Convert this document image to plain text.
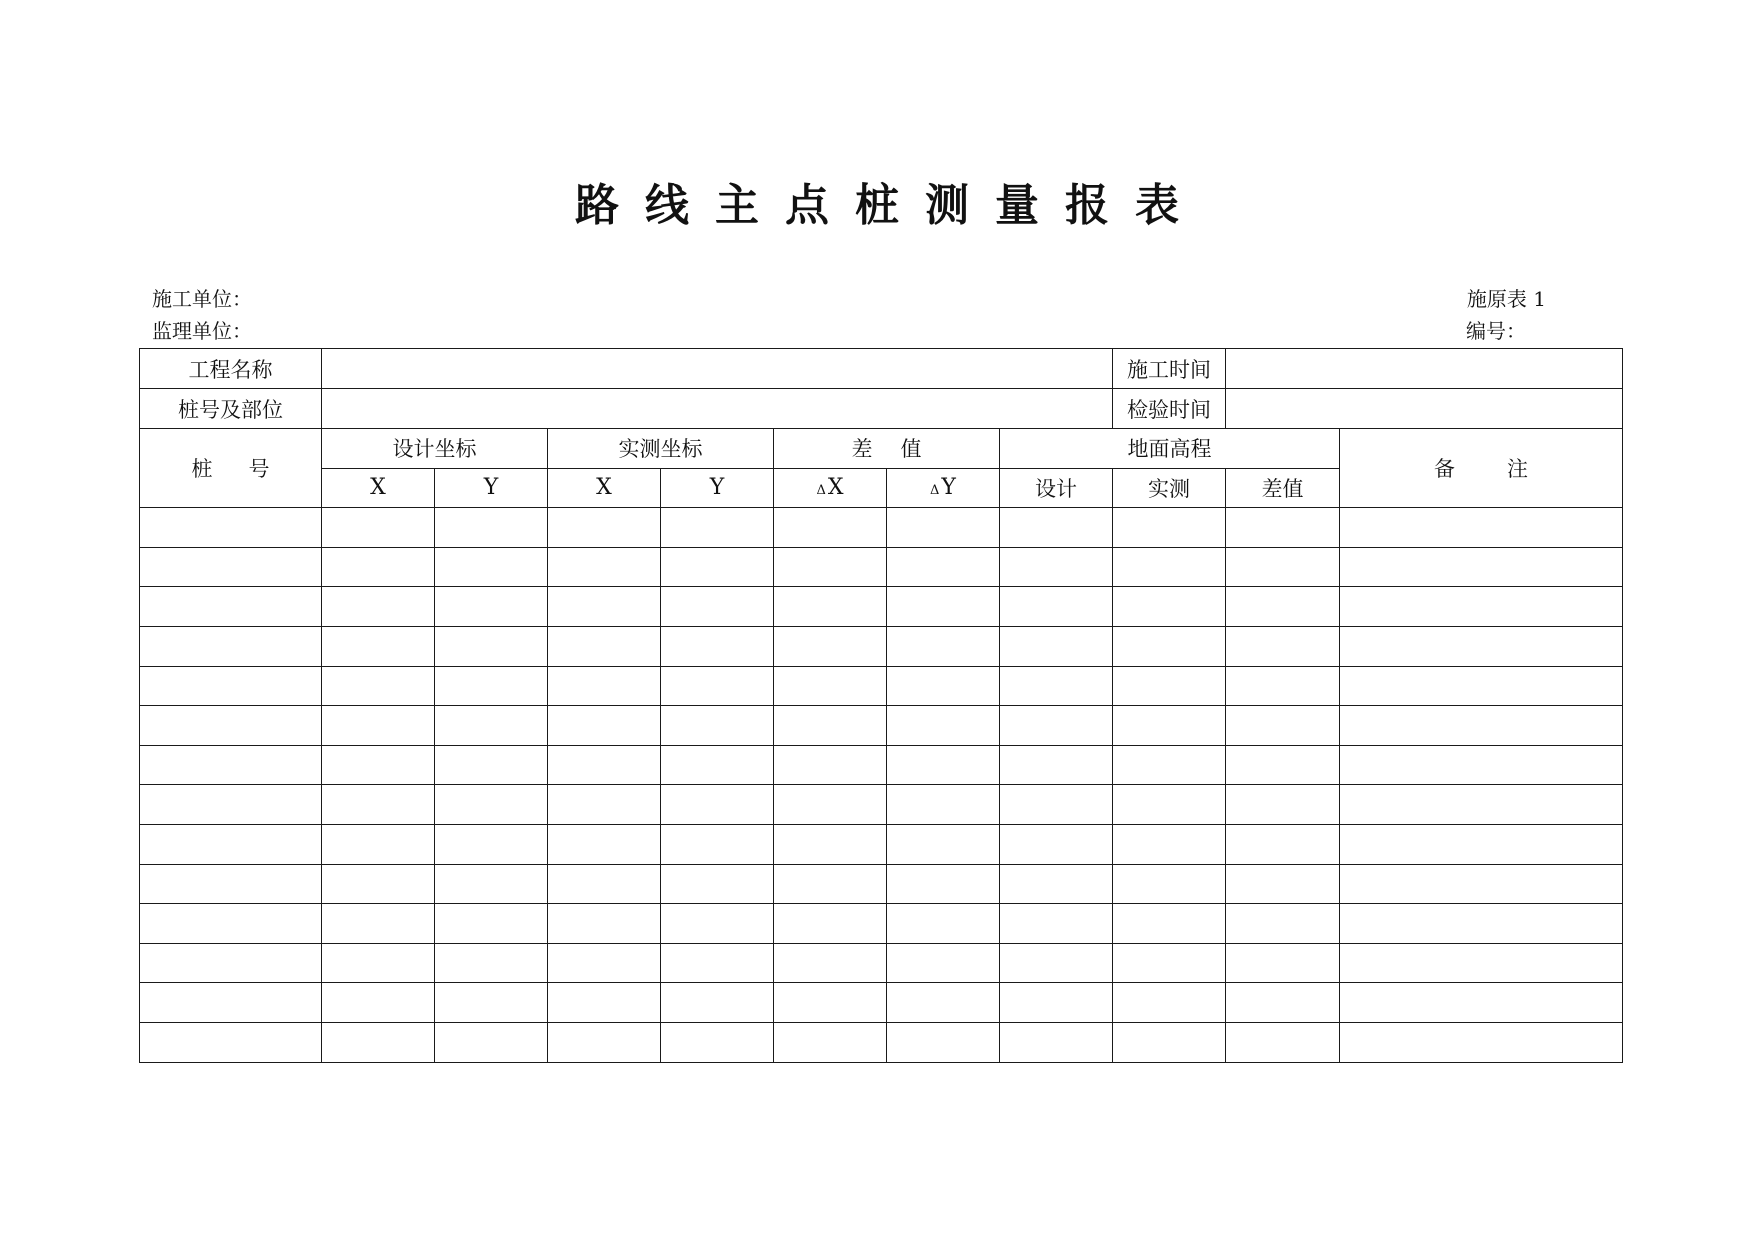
路线主点桩测量报表
施工单位：
监理单位：
施原表 1
编号：
工程名称								施工时间		
桩号及部位								检验时间		
桩号	设计坐标		实测坐标		差值		地面高程			备注
	X	Y	X	Y	ΔX	ΔY	设计	实测	差值	
